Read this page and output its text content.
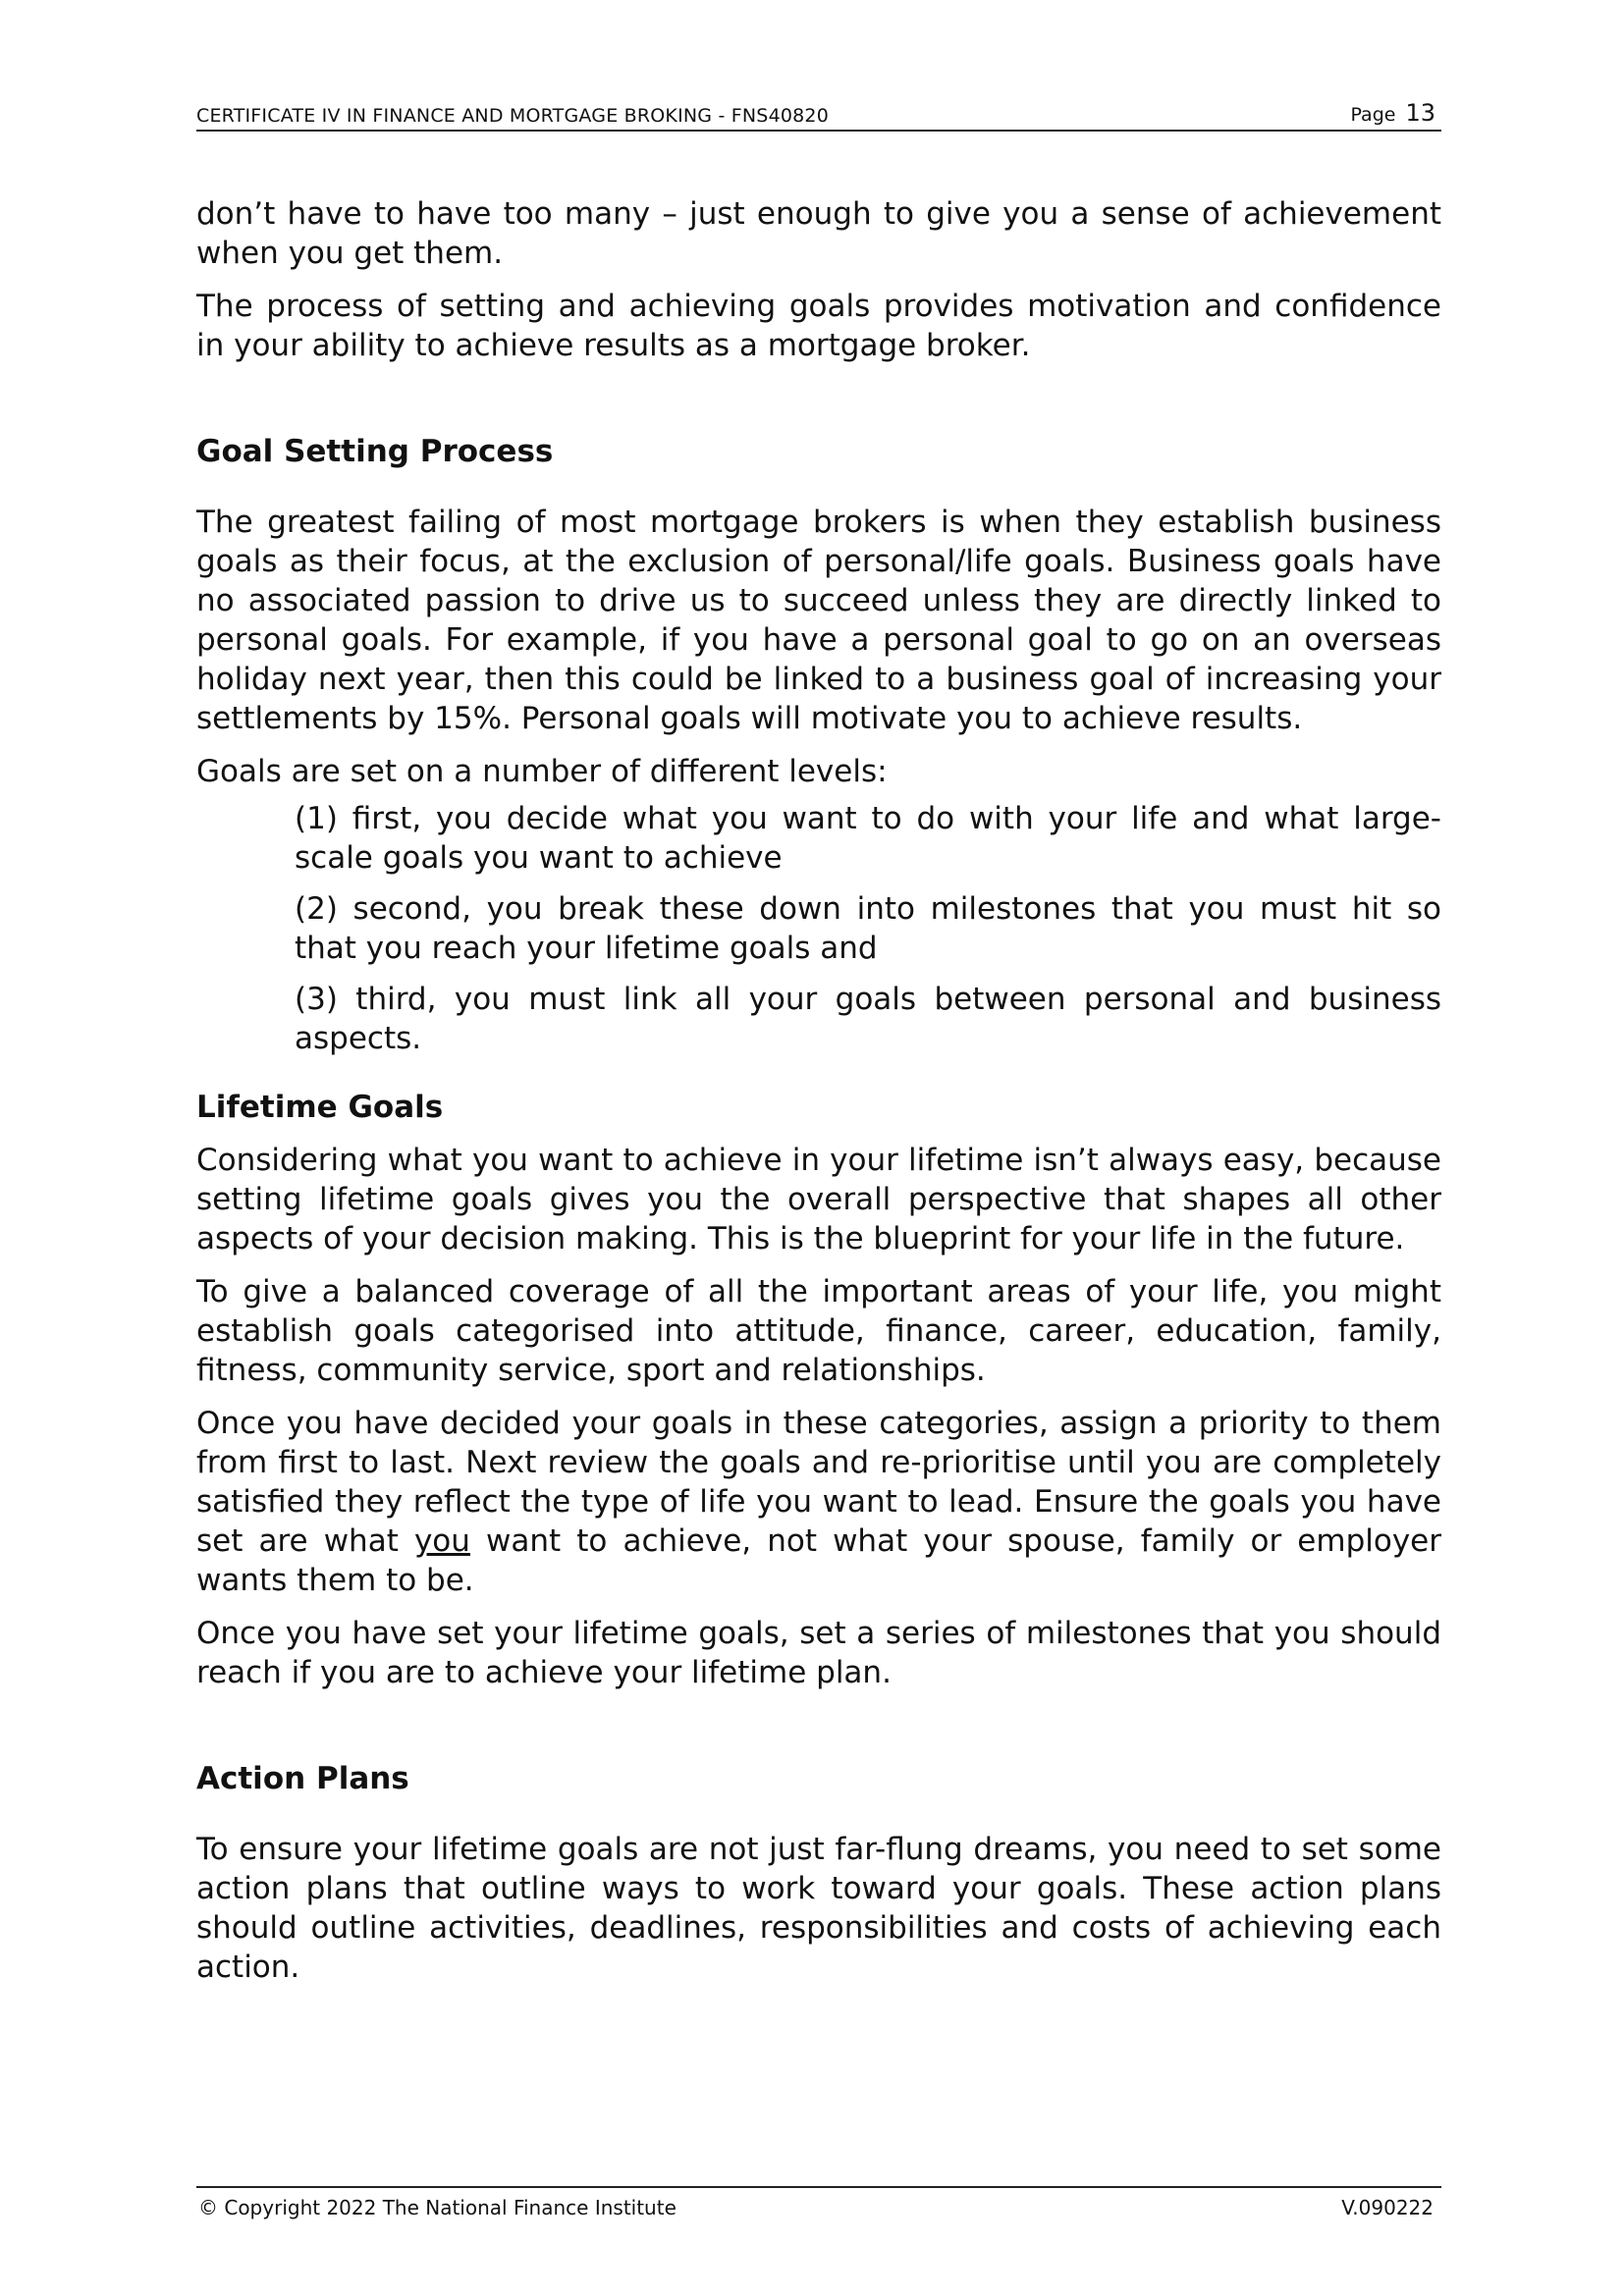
CERTIFICATE IV IN FINANCE AND MORTGAGE BROKING - FNS40820	Page 13

don’t have to have too many – just enough to give you a sense of achievement when you get them.

The process of setting and achieving goals provides motivation and confidence in your ability to achieve results as a mortgage broker.

Goal Setting Process

The greatest failing of most mortgage brokers is when they establish business goals as their focus, at the exclusion of personal/life goals. Business goals have no associated passion to drive us to succeed unless they are directly linked to personal goals. For example, if you have a personal goal to go on an overseas holiday next year, then this could be linked to a business goal of increasing your settlements by 15%. Personal goals will motivate you to achieve results.

Goals are set on a number of different levels:

(1) first, you decide what you want to do with your life and what large-scale goals you want to achieve

(2) second, you break these down into milestones that you must hit so that you reach your lifetime goals and

(3) third, you must link all your goals between personal and business aspects.

Lifetime Goals

Considering what you want to achieve in your lifetime isn’t always easy, because setting lifetime goals gives you the overall perspective that shapes all other aspects of your decision making. This is the blueprint for your life in the future.

To give a balanced coverage of all the important areas of your life, you might establish goals categorised into attitude, finance, career, education, family, fitness, community service, sport and relationships.

Once you have decided your goals in these categories, assign a priority to them from first to last. Next review the goals and re-prioritise until you are completely satisfied they reflect the type of life you want to lead. Ensure the goals you have set are what you want to achieve, not what your spouse, family or employer wants them to be.

Once you have set your lifetime goals, set a series of milestones that you should reach if you are to achieve your lifetime plan.

Action Plans

To ensure your lifetime goals are not just far-flung dreams, you need to set some action plans that outline ways to work toward your goals. These action plans should outline activities, deadlines, responsibilities and costs of achieving each action.

© Copyright 2022 The National Finance Institute	V.090222
